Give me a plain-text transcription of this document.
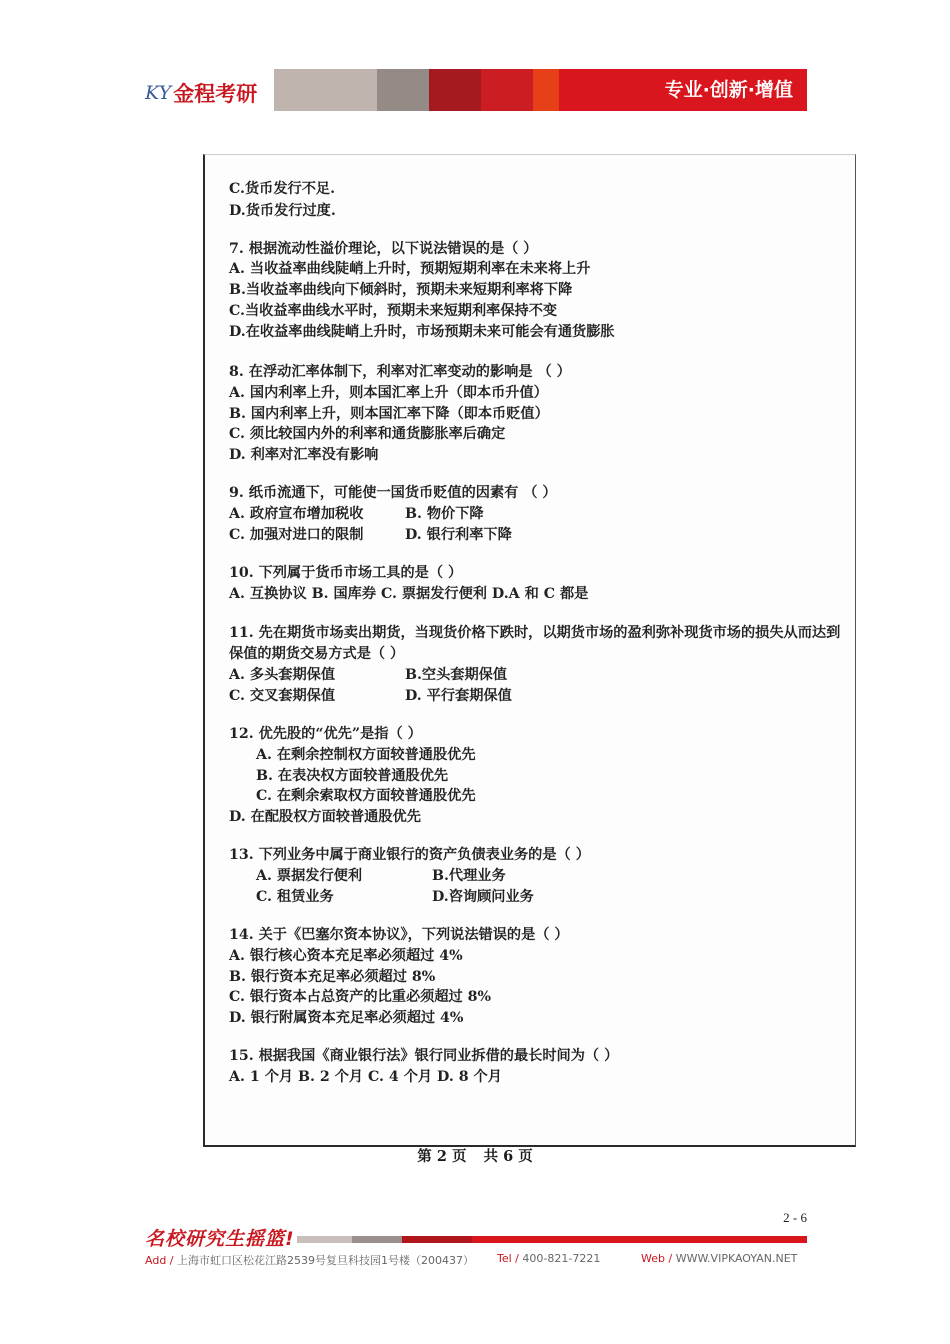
KY 金程考研	专业·创新·增值
C.货币发行不足.
D.货币发行过度.
7. 根据流动性溢价理论，以下说法错误的是（ ）
A. 当收益率曲线陡峭上升时，预期短期利率在未来将上升
B.当收益率曲线向下倾斜时，预期未来短期利率将下降
C.当收益率曲线水平时，预期未来短期利率保持不变
D.在收益率曲线陡峭上升时，市场预期未来可能会有通货膨胀
8. 在浮动汇率体制下，利率对汇率变动的影响是 （ ）
A. 国内利率上升，则本国汇率上升（即本币升值）
B. 国内利率上升，则本国汇率下降（即本币贬值）
C. 须比较国内外的利率和通货膨胀率后确定
D. 利率对汇率没有影响
9. 纸币流通下，可能使一国货币贬值的因素有 （ ）
A. 政府宣布增加税收	B. 物价下降
C. 加强对进口的限制	D. 银行利率下降
10. 下列属于货币市场工具的是（ ）
A. 互换协议 B. 国库券 C. 票据发行便利 D.A 和 C 都是
11. 先在期货市场卖出期货，当现货价格下跌时，以期货市场的盈利弥补现货市场的损失从而达到
保值的期货交易方式是（ ）
A. 多头套期保值	B.空头套期保值
C. 交叉套期保值	D. 平行套期保值
12. 优先股的“优先”是指（ ）
A. 在剩余控制权方面较普通股优先
B. 在表决权方面较普通股优先
C. 在剩余索取权方面较普通股优先
D. 在配股权方面较普通股优先
13. 下列业务中属于商业银行的资产负债表业务的是（ ）
A. 票据发行便利	B.代理业务
C. 租赁业务	D.咨询顾问业务
14. 关于《巴塞尔资本协议》，下列说法错误的是（ ）
A. 银行核心资本充足率必须超过 4%
B. 银行资本充足率必须超过 8%
C. 银行资本占总资产的比重必须超过 8%
D. 银行附属资本充足率必须超过 4%
15. 根据我国《商业银行法》银行同业拆借的最长时间为（ ）
A. 1 个月 B. 2 个月 C. 4 个月 D. 8 个月
第 2 页 共 6 页
2 - 6
名校研究生摇篮!
Add / 上海市虹口区松花江路2539号复旦科技园1号楼（200437） Tel / 400-821-7221	Web / WWW.VIPKAOYAN.NET
